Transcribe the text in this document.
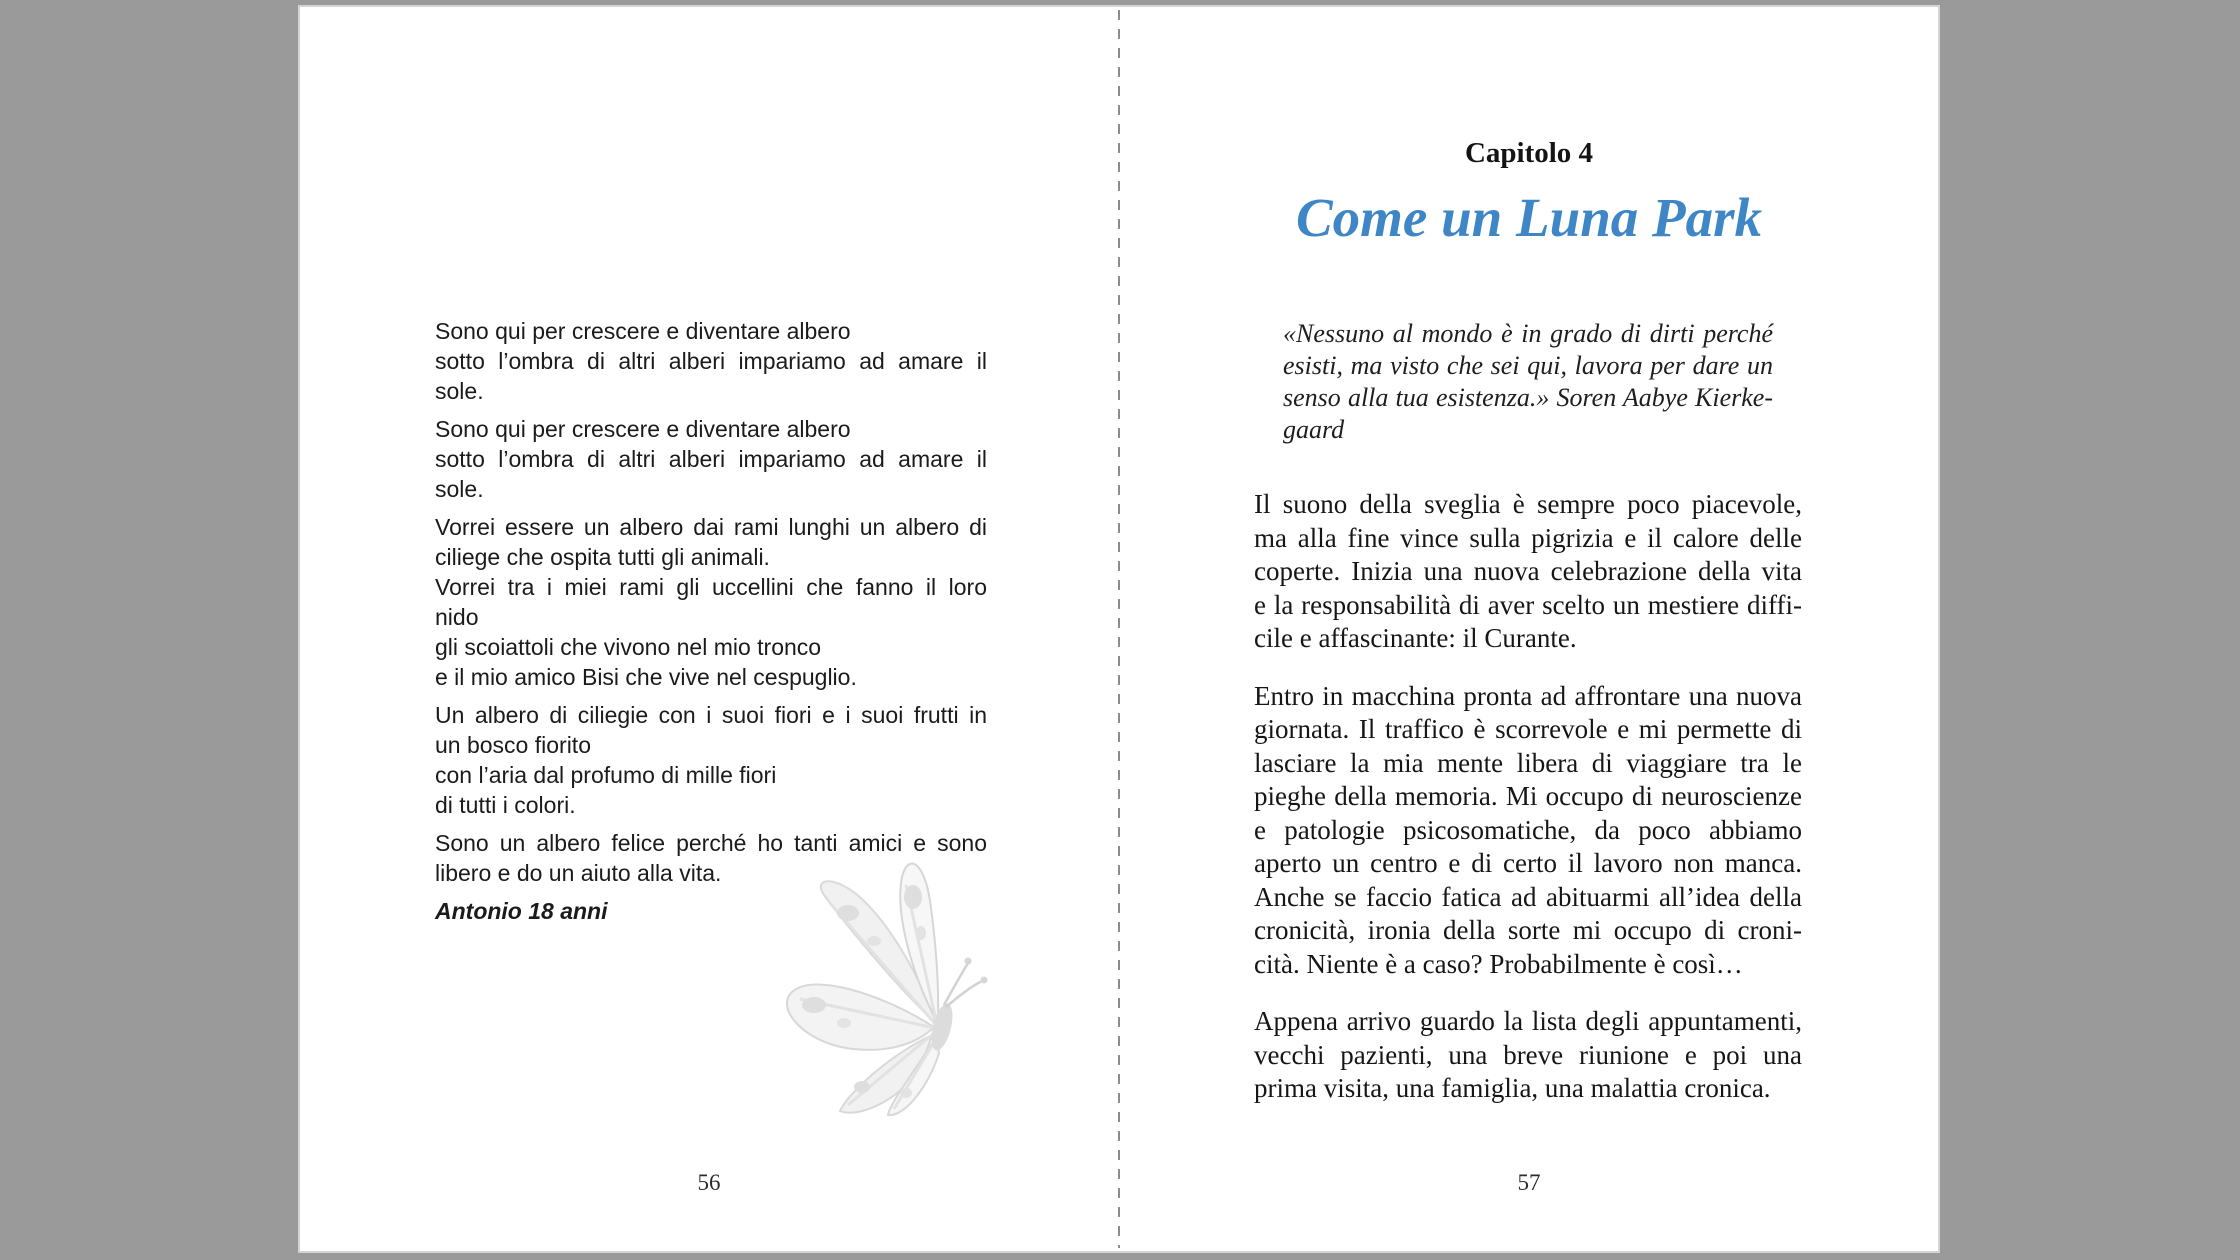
Sono qui per crescere e diventare albero
sotto l’ombra di altri alberi impariamo ad amare il
sole.
Sono qui per crescere e diventare albero
sotto l’ombra di altri alberi impariamo ad amare il
sole.
Vorrei essere un albero dai rami lunghi un albero di
ciliege che ospita tutti gli animali.
Vorrei tra i miei rami gli uccellini che fanno il loro
nido
gli scoiattoli che vivono nel mio tronco
e il mio amico Bisi che vive nel cespuglio.
Un albero di ciliegie con i suoi fiori e i suoi frutti in
un bosco fiorito
con l’aria dal profumo di mille fiori
di tutti i colori.
Sono un albero felice perché ho tanti amici e sono
libero e do un aiuto alla vita.
Antonio 18 anni
56
Capitolo 4
Come un Luna Park
«Nessuno al mondo è in grado di dirti perché
esisti, ma visto che sei qui, lavora per dare un
senso alla tua esistenza.» Soren Aabye Kierke-
gaard
Il suono della sveglia è sempre poco piacevole,
ma alla fine vince sulla pigrizia e il calore delle
coperte. Inizia una nuova celebrazione della vita
e la responsabilità di aver scelto un mestiere diffi-
cile e affascinante: il Curante.
Entro in macchina pronta ad affrontare una nuova
giornata. Il traffico è scorrevole e mi permette di
lasciare la mia mente libera di viaggiare tra le
pieghe della memoria. Mi occupo di neuroscienze
e patologie psicosomatiche, da poco abbiamo
aperto un centro e di certo il lavoro non manca.
Anche se faccio fatica ad abituarmi all’idea della
cronicità, ironia della sorte mi occupo di croni-
cità. Niente è a caso? Probabilmente è così…
Appena arrivo guardo la lista degli appuntamenti,
vecchi pazienti, una breve riunione e poi una
prima visita, una famiglia, una malattia cronica.
57
